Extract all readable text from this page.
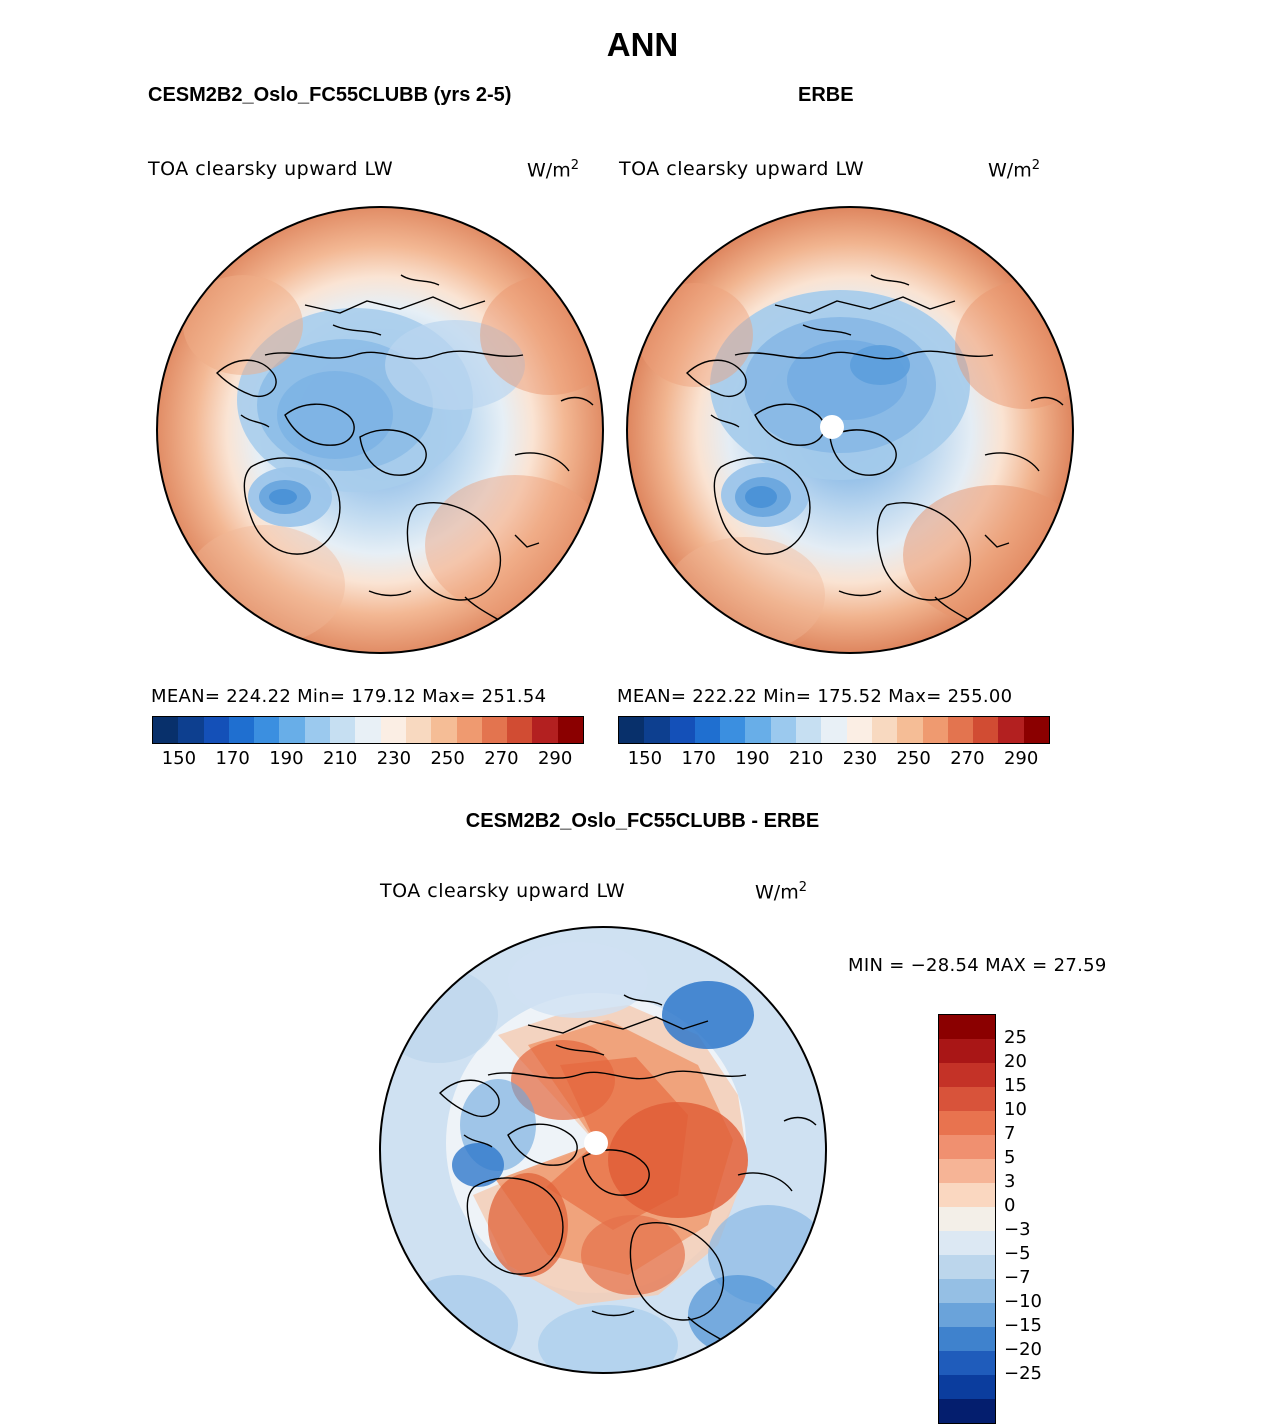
ANN
CESM2B2_Oslo_FC55CLUBB (yrs 2-5)
TOA clearsky upward LW	$W/m^2$
MEAN= 224.22 Min= 179.12 Max= 251.54
150	170	190	210	230	250	270	290
ERBE
TOA clearsky upward LW	$W/m^2$
MEAN= 222.22 Min= 175.52 Max= 255.00
150	170	190	210	230	250	270	290
CESM2B2_Oslo_FC55CLUBB - ERBE
TOA clearsky upward LW	$W/m^2$
MIN = −28.54 MAX = 27.59
25
20
15
10
7
5
3
0
−3
−5
−7
−10
−15
−20
−25
